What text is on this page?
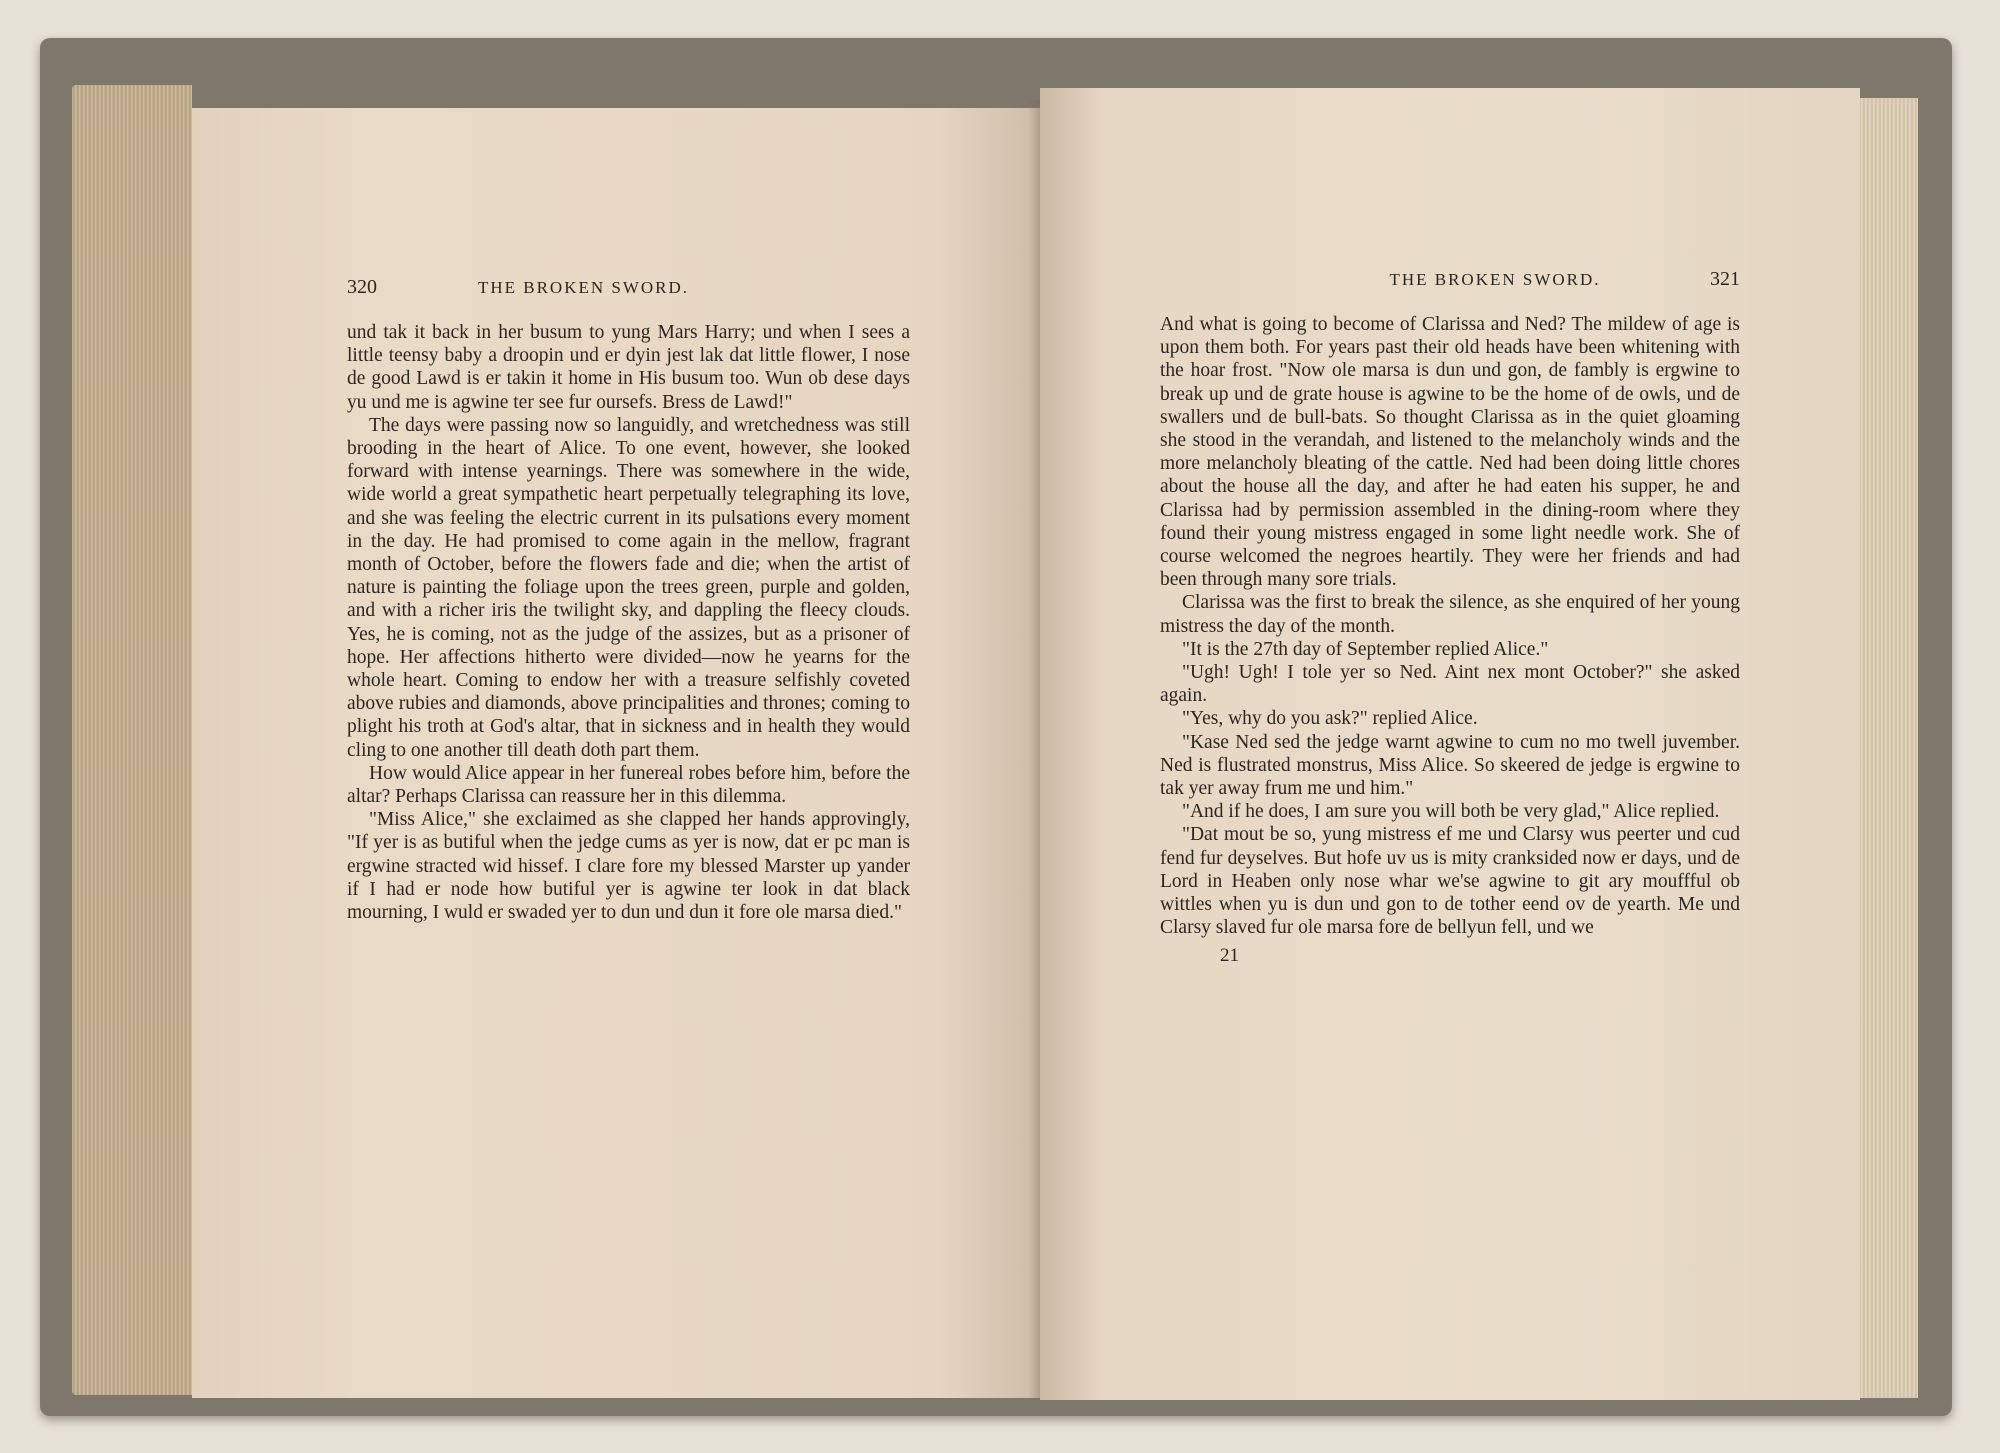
320	THE BROKEN SWORD.

und tak it back in her busum to yung Mars Harry; und when I sees a little teensy baby a droopin und er dyin jest lak dat little flower, I nose de good Lawd is er takin it home in His busum too. Wun ob dese days yu und me is agwine ter see fur oursefs. Bress de Lawd!"

The days were passing now so languidly, and wretchedness was still brooding in the heart of Alice. To one event, however, she looked forward with intense yearnings. There was somewhere in the wide, wide world a great sympathetic heart perpetually telegraphing its love, and she was feeling the electric current in its pulsations every moment in the day. He had promised to come again in the mellow, fragrant month of October, before the flowers fade and die; when the artist of nature is painting the foliage upon the trees green, purple and golden, and with a richer iris the twilight sky, and dappling the fleecy clouds. Yes, he is coming, not as the judge of the assizes, but as a prisoner of hope. Her affections hitherto were divided—now he yearns for the whole heart. Coming to endow her with a treasure selfishly coveted above rubies and diamonds, above principalities and thrones; coming to plight his troth at God's altar, that in sickness and in health they would cling to one another till death doth part them.

How would Alice appear in her funereal robes before him, before the altar? Perhaps Clarissa can reassure her in this dilemma.

"Miss Alice," she exclaimed as she clapped her hands approvingly, "If yer is as butiful when the jedge cums as yer is now, dat er pc man is ergwine stracted wid hissef. I clare fore my blessed Marster up yander if I had er node how butiful yer is agwine ter look in dat black mourning, I wuld er swaded yer to dun und dun it fore ole marsa died."

THE BROKEN SWORD.	321

And what is going to become of Clarissa and Ned? The mildew of age is upon them both. For years past their old heads have been whitening with the hoar frost. "Now ole marsa is dun und gon, de fambly is ergwine to break up und de grate house is agwine to be the home of de owls, und de swallers und de bull-bats. So thought Clarissa as in the quiet gloaming she stood in the verandah, and listened to the melancholy winds and the more melancholy bleating of the cattle. Ned had been doing little chores about the house all the day, and after he had eaten his supper, he and Clarissa had by permission assembled in the dining-room where they found their young mistress engaged in some light needle work. She of course welcomed the negroes heartily. They were her friends and had been through many sore trials.

Clarissa was the first to break the silence, as she enquired of her young mistress the day of the month.

"It is the 27th day of September replied Alice."

"Ugh! Ugh! I tole yer so Ned. Aint nex mont October?" she asked again.

"Yes, why do you ask?" replied Alice.

"Kase Ned sed the jedge warnt agwine to cum no mo twell juvember. Ned is flustrated monstrus, Miss Alice. So skeered de jedge is ergwine to tak yer away frum me und him."

"And if he does, I am sure you will both be very glad," Alice replied.

"Dat mout be so, yung mistress ef me und Clarsy wus peerter und cud fend fur deyselves. But hofe uv us is mity cranksided now er days, und de Lord in Heaben only nose whar we'se agwine to git ary mouffful ob wittles when yu is dun und gon to de tother eend ov de yearth. Me und Clarsy slaved fur ole marsa fore de bellyun fell, und we

21
